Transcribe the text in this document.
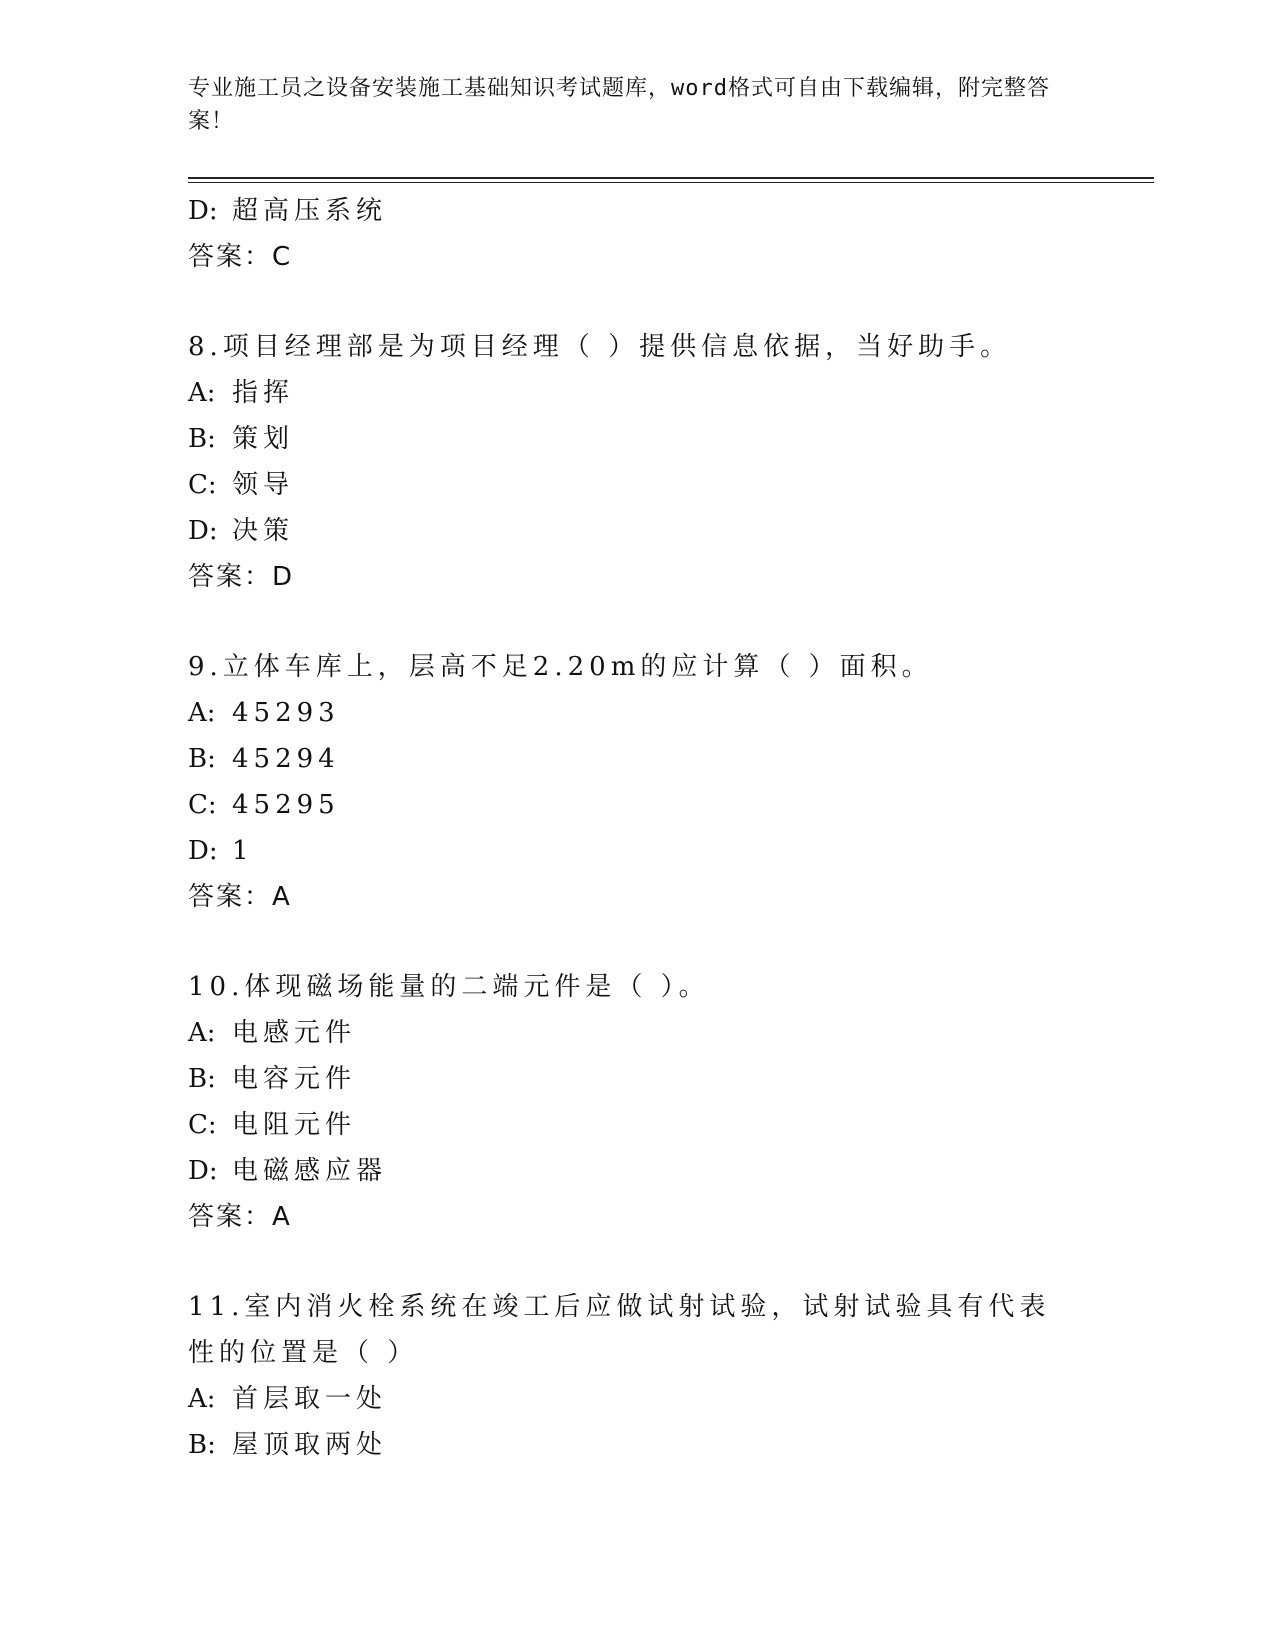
专业施工员之设备安装施工基础知识考试题库，word格式可自由下载编辑，附完整答案！
D: 超高压系统
答案：C
8.项目经理部是为项目经理（ ）提供信息依据，当好助手。
A: 指挥
B: 策划
C: 领导
D: 决策
答案：D
9.立体车库上，层高不足2.20m的应计算（ ）面积。
A: 45293
B: 45294
C: 45295
D: 1
答案：A
10.体现磁场能量的二端元件是（ ）。
A: 电感元件
B: 电容元件
C: 电阻元件
D: 电磁感应器
答案：A
11.室内消火栓系统在竣工后应做试射试验，试射试验具有代表性的位置是（ ）
A: 首层取一处
B: 屋顶取两处
